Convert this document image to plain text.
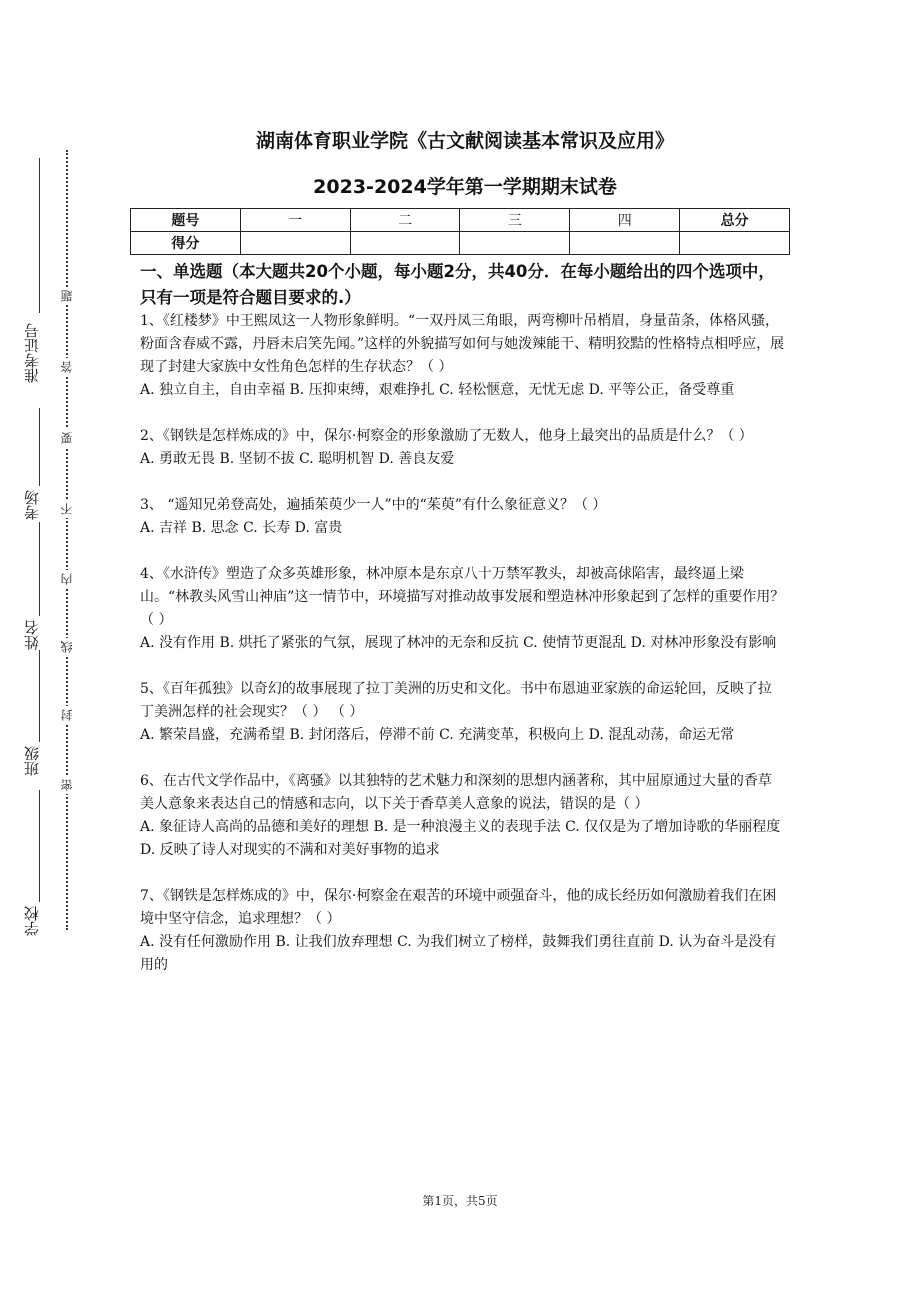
准考证号
考场
姓名
班级
学校
题
答
要
不
内
线
封
密
湖南体育职业学院《古文献阅读基本常识及应用》
2023-2024学年第一学期期末试卷
题号	一	二	三	四	总分
得分					
一、单选题（本大题共20个小题，每小题2分，共40分．在每小题给出的四个选项中，只有一项是符合题目要求的.）
1、《红楼梦》中王熙凤这一人物形象鲜明。“一双丹凤三角眼，两弯柳叶吊梢眉，身量苗条，体格风骚，粉面含春威不露，丹唇未启笑先闻。”这样的外貌描写如何与她泼辣能干、精明狡黠的性格特点相呼应，展现了封建大家族中女性角色怎样的生存状态？（ ）
A. 独立自主，自由幸福 B. 压抑束缚，艰难挣扎 C. 轻松惬意，无忧无虑 D. 平等公正，备受尊重
2、《钢铁是怎样炼成的》中，保尔·柯察金的形象激励了无数人，他身上最突出的品质是什么？（ ）
A. 勇敢无畏 B. 坚韧不拔 C. 聪明机智 D. 善良友爱
3、 “遥知兄弟登高处，遍插茱萸少一人”中的“茱萸”有什么象征意义？（ ）
A. 吉祥 B. 思念 C. 长寿 D. 富贵
4、《水浒传》塑造了众多英雄形象，林冲原本是东京八十万禁军教头，却被高俅陷害，最终逼上梁山。“林教头风雪山神庙”这一情节中，环境描写对推动故事发展和塑造林冲形象起到了怎样的重要作用？（ ）
A. 没有作用 B. 烘托了紧张的气氛，展现了林冲的无奈和反抗 C. 使情节更混乱 D. 对林冲形象没有影响
5、《百年孤独》以奇幻的故事展现了拉丁美洲的历史和文化。书中布恩迪亚家族的命运轮回，反映了拉丁美洲怎样的社会现实？（ ） （ ）
A. 繁荣昌盛，充满希望 B. 封闭落后，停滞不前 C. 充满变革，积极向上 D. 混乱动荡，命运无常
6、在古代文学作品中，《离骚》以其独特的艺术魅力和深刻的思想内涵著称，其中屈原通过大量的香草美人意象来表达自己的情感和志向，以下关于香草美人意象的说法，错误的是（ ）
A. 象征诗人高尚的品德和美好的理想 B. 是一种浪漫主义的表现手法 C. 仅仅是为了增加诗歌的华丽程度 D. 反映了诗人对现实的不满和对美好事物的追求
7、《钢铁是怎样炼成的》中，保尔·柯察金在艰苦的环境中顽强奋斗，他的成长经历如何激励着我们在困境中坚守信念，追求理想？（ ）
A. 没有任何激励作用 B. 让我们放弃理想 C. 为我们树立了榜样，鼓舞我们勇往直前 D. 认为奋斗是没有用的
第1页，共5页
